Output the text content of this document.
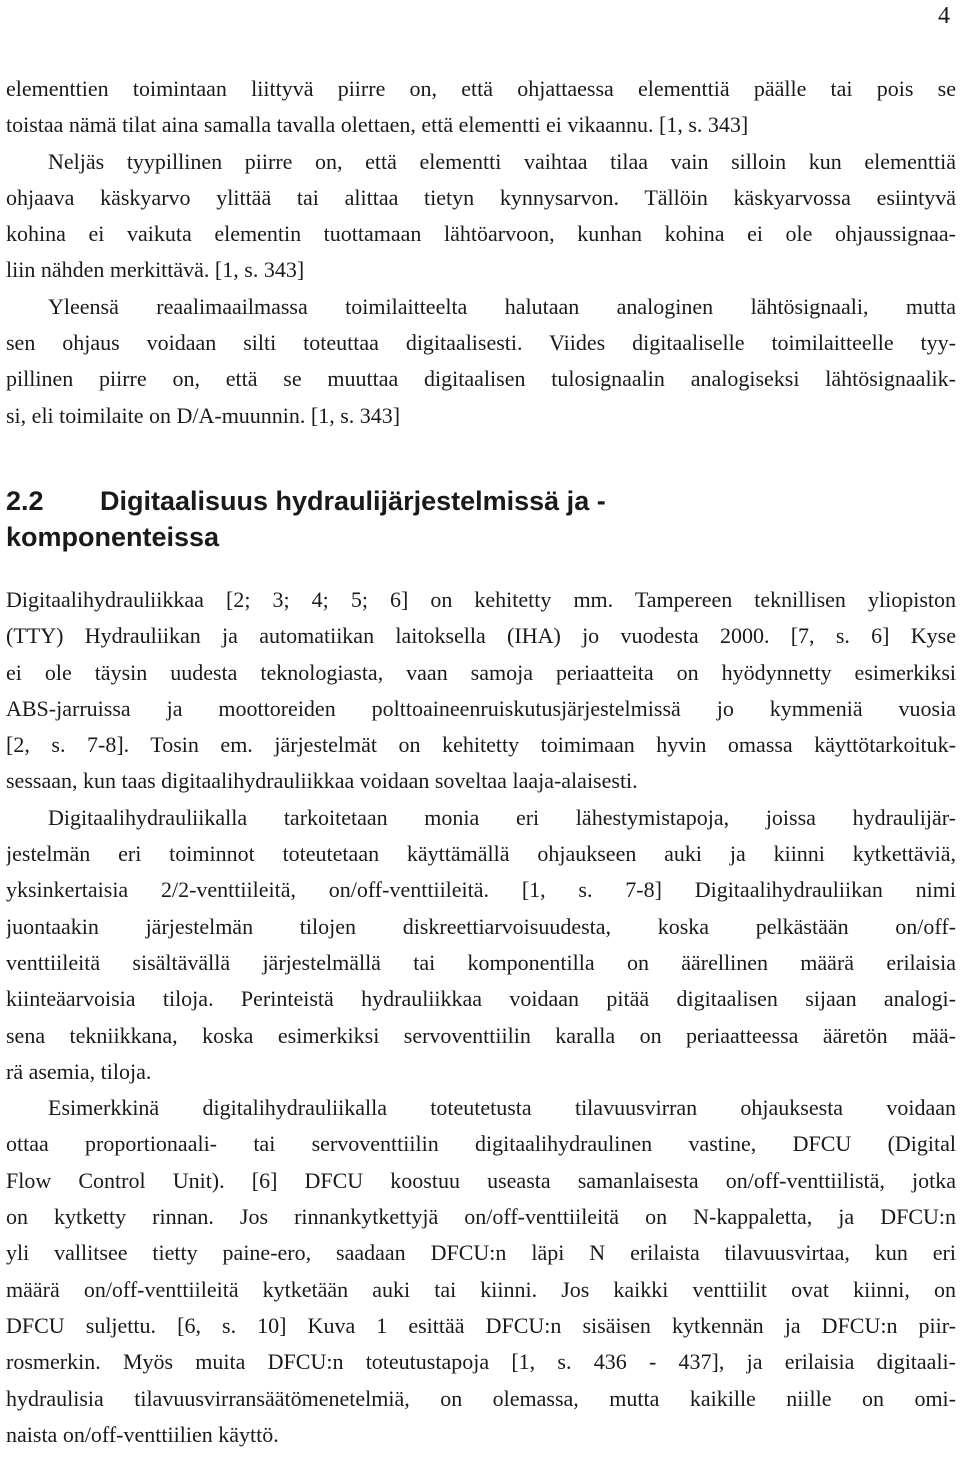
4
elementtien toimintaan liittyvä piirre on, että ohjattaessa elementtiä päälle tai pois se
toistaa nämä tilat aina samalla tavalla olettaen, että elementti ei vikaannu. [1, s. 343]
Neljäs tyypillinen piirre on, että elementti vaihtaa tilaa vain silloin kun elementtiä
ohjaava käskyarvo ylittää tai alittaa tietyn kynnysarvon. Tällöin käskyarvossa esiintyvä
kohina ei vaikuta elementin tuottamaan lähtöarvoon, kunhan kohina ei ole ohjaussignaa-
liin nähden merkittävä. [1, s. 343]
Yleensä reaalimaailmassa toimilaitteelta halutaan analoginen lähtösignaali, mutta
sen ohjaus voidaan silti toteuttaa digitaalisesti. Viides digitaaliselle toimilaitteelle tyy-
pillinen piirre on, että se muuttaa digitaalisen tulosignaalin analogiseksi lähtösignaalik-
si, eli toimilaite on D/A-muunnin. [1, s. 343]
2.2 Digitaalisuus hydraulijärjestelmissä ja -
komponenteissa
Digitaalihydrauliikkaa [2; 3; 4; 5; 6] on kehitetty mm. Tampereen teknillisen yliopiston
(TTY) Hydrauliikan ja automatiikan laitoksella (IHA) jo vuodesta 2000. [7, s. 6] Kyse
ei ole täysin uudesta teknologiasta, vaan samoja periaatteita on hyödynnetty esimerkiksi
ABS-jarruissa ja moottoreiden polttoaineenruiskutusjärjestelmissä jo kymmeniä vuosia
[2, s. 7-8]. Tosin em. järjestelmät on kehitetty toimimaan hyvin omassa käyttötarkoituk-
sessaan, kun taas digitaalihydrauliikkaa voidaan soveltaa laaja-alaisesti.
Digitaalihydrauliikalla tarkoitetaan monia eri lähestymistapoja, joissa hydraulijär-
jestelmän eri toiminnot toteutetaan käyttämällä ohjaukseen auki ja kiinni kytkettäviä,
yksinkertaisia 2/2-venttiileitä, on/off-venttiileitä. [1, s. 7-8] Digitaalihydrauliikan nimi
juontaakin järjestelmän tilojen diskreettiarvoisuudesta, koska pelkästään on/off-
venttiileitä sisältävällä järjestelmällä tai komponentilla on äärellinen määrä erilaisia
kiinteäarvoisia tiloja. Perinteistä hydrauliikkaa voidaan pitää digitaalisen sijaan analogi-
sena tekniikkana, koska esimerkiksi servoventtiilin karalla on periaatteessa ääretön mää-
rä asemia, tiloja.
Esimerkkinä digitalihydrauliikalla toteutetusta tilavuusvirran ohjauksesta voidaan
ottaa proportionaali- tai servoventtiilin digitaalihydraulinen vastine, DFCU (Digital
Flow Control Unit). [6] DFCU koostuu useasta samanlaisesta on/off-venttiilistä, jotka
on kytketty rinnan. Jos rinnankytkettyjä on/off-venttiileitä on N-kappaletta, ja DFCU:n
yli vallitsee tietty paine-ero, saadaan DFCU:n läpi N erilaista tilavuusvirtaa, kun eri
määrä on/off-venttiileitä kytketään auki tai kiinni. Jos kaikki venttiilit ovat kiinni, on
DFCU suljettu. [6, s. 10] Kuva 1 esittää DFCU:n sisäisen kytkennän ja DFCU:n piir-
rosmerkin. Myös muita DFCU:n toteutustapoja [1, s. 436 - 437], ja erilaisia digitaali-
hydraulisia tilavuusvirransäätömenetelmiä, on olemassa, mutta kaikille niille on omi-
naista on/off-venttiilien käyttö.
